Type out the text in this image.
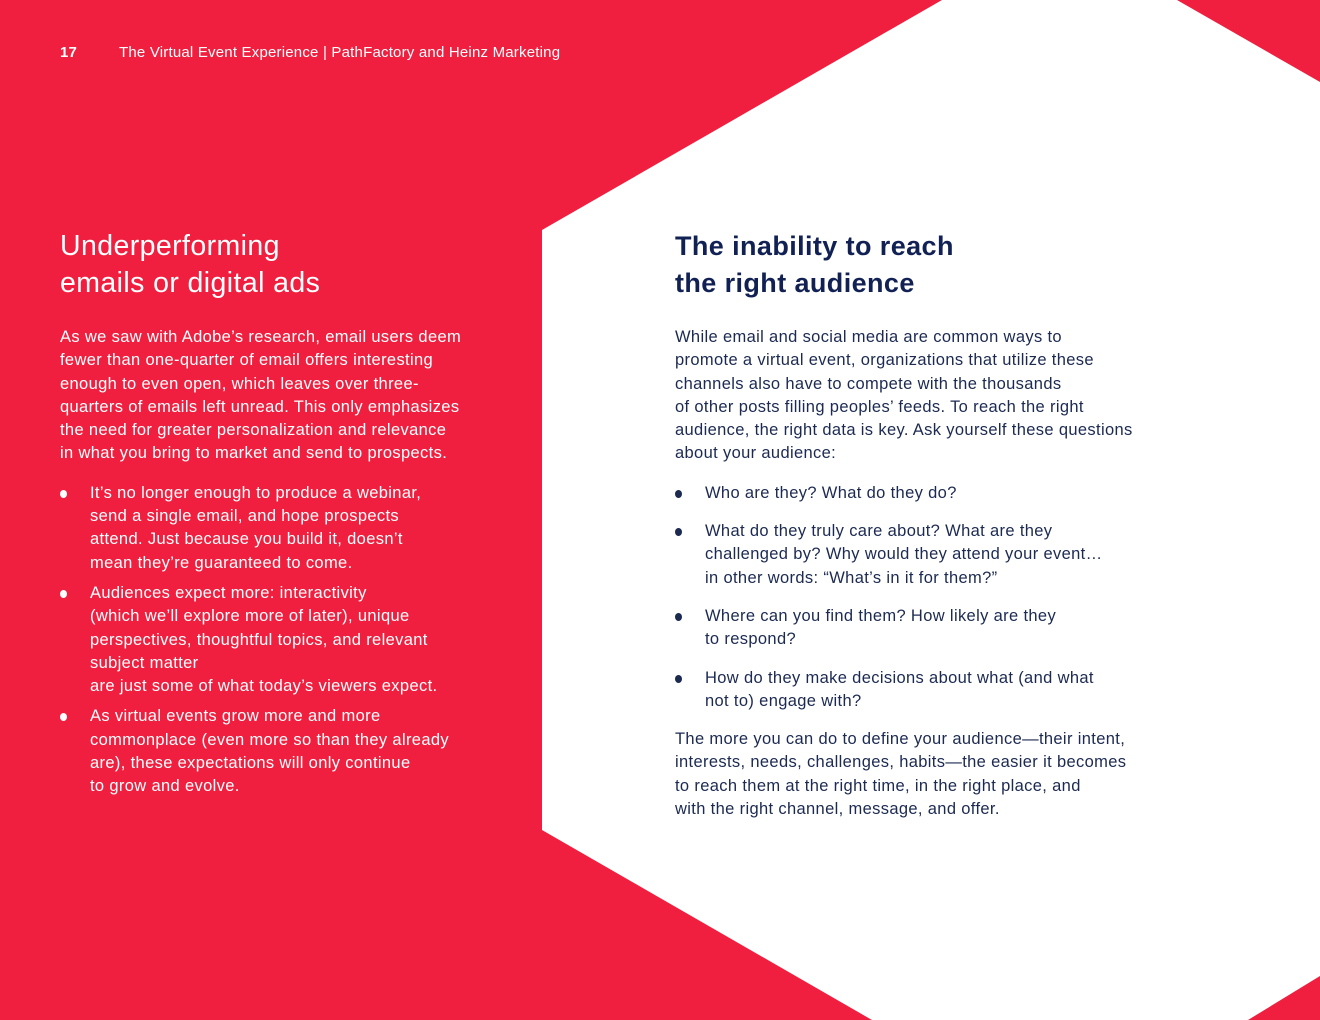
17	The Virtual Event Experience | PathFactory and Heinz Marketing
Underperforming
emails or digital ads

As we saw with Adobe’s research, email users deem
fewer than one-quarter of email offers interesting
enough to even open, which leaves over three-
quarters of emails left unread. This only emphasizes
the need for greater personalization and relevance
in what you bring to market and send to prospects.

It’s no longer enough to produce a webinar,
send a single email, and hope prospects
attend. Just because you build it, doesn’t
mean they’re guaranteed to come.
Audiences expect more: interactivity
(which we’ll explore more of later), unique
perspectives, thoughtful topics, and relevant
subject matter
are just some of what today’s viewers expect.
As virtual events grow more and more
commonplace (even more so than they already
are), these expectations will only continue
to grow and evolve.
The inability to reach
the right audience

While email and social media are common ways to
promote a virtual event, organizations that utilize these
channels also have to compete with the thousands
of other posts filling peoples’ feeds. To reach the right
audience, the right data is key. Ask yourself these questions
about your audience:

Who are they? What do they do?
What do they truly care about? What are they
challenged by? Why would they attend your event…
in other words: “What’s in it for them?”
Where can you find them? How likely are they
to respond?
How do they make decisions about what (and what
not to) engage with?

The more you can do to define your audience—their intent,
interests, needs, challenges, habits—the easier it becomes
to reach them at the right time, in the right place, and
with the right channel, message, and offer.
